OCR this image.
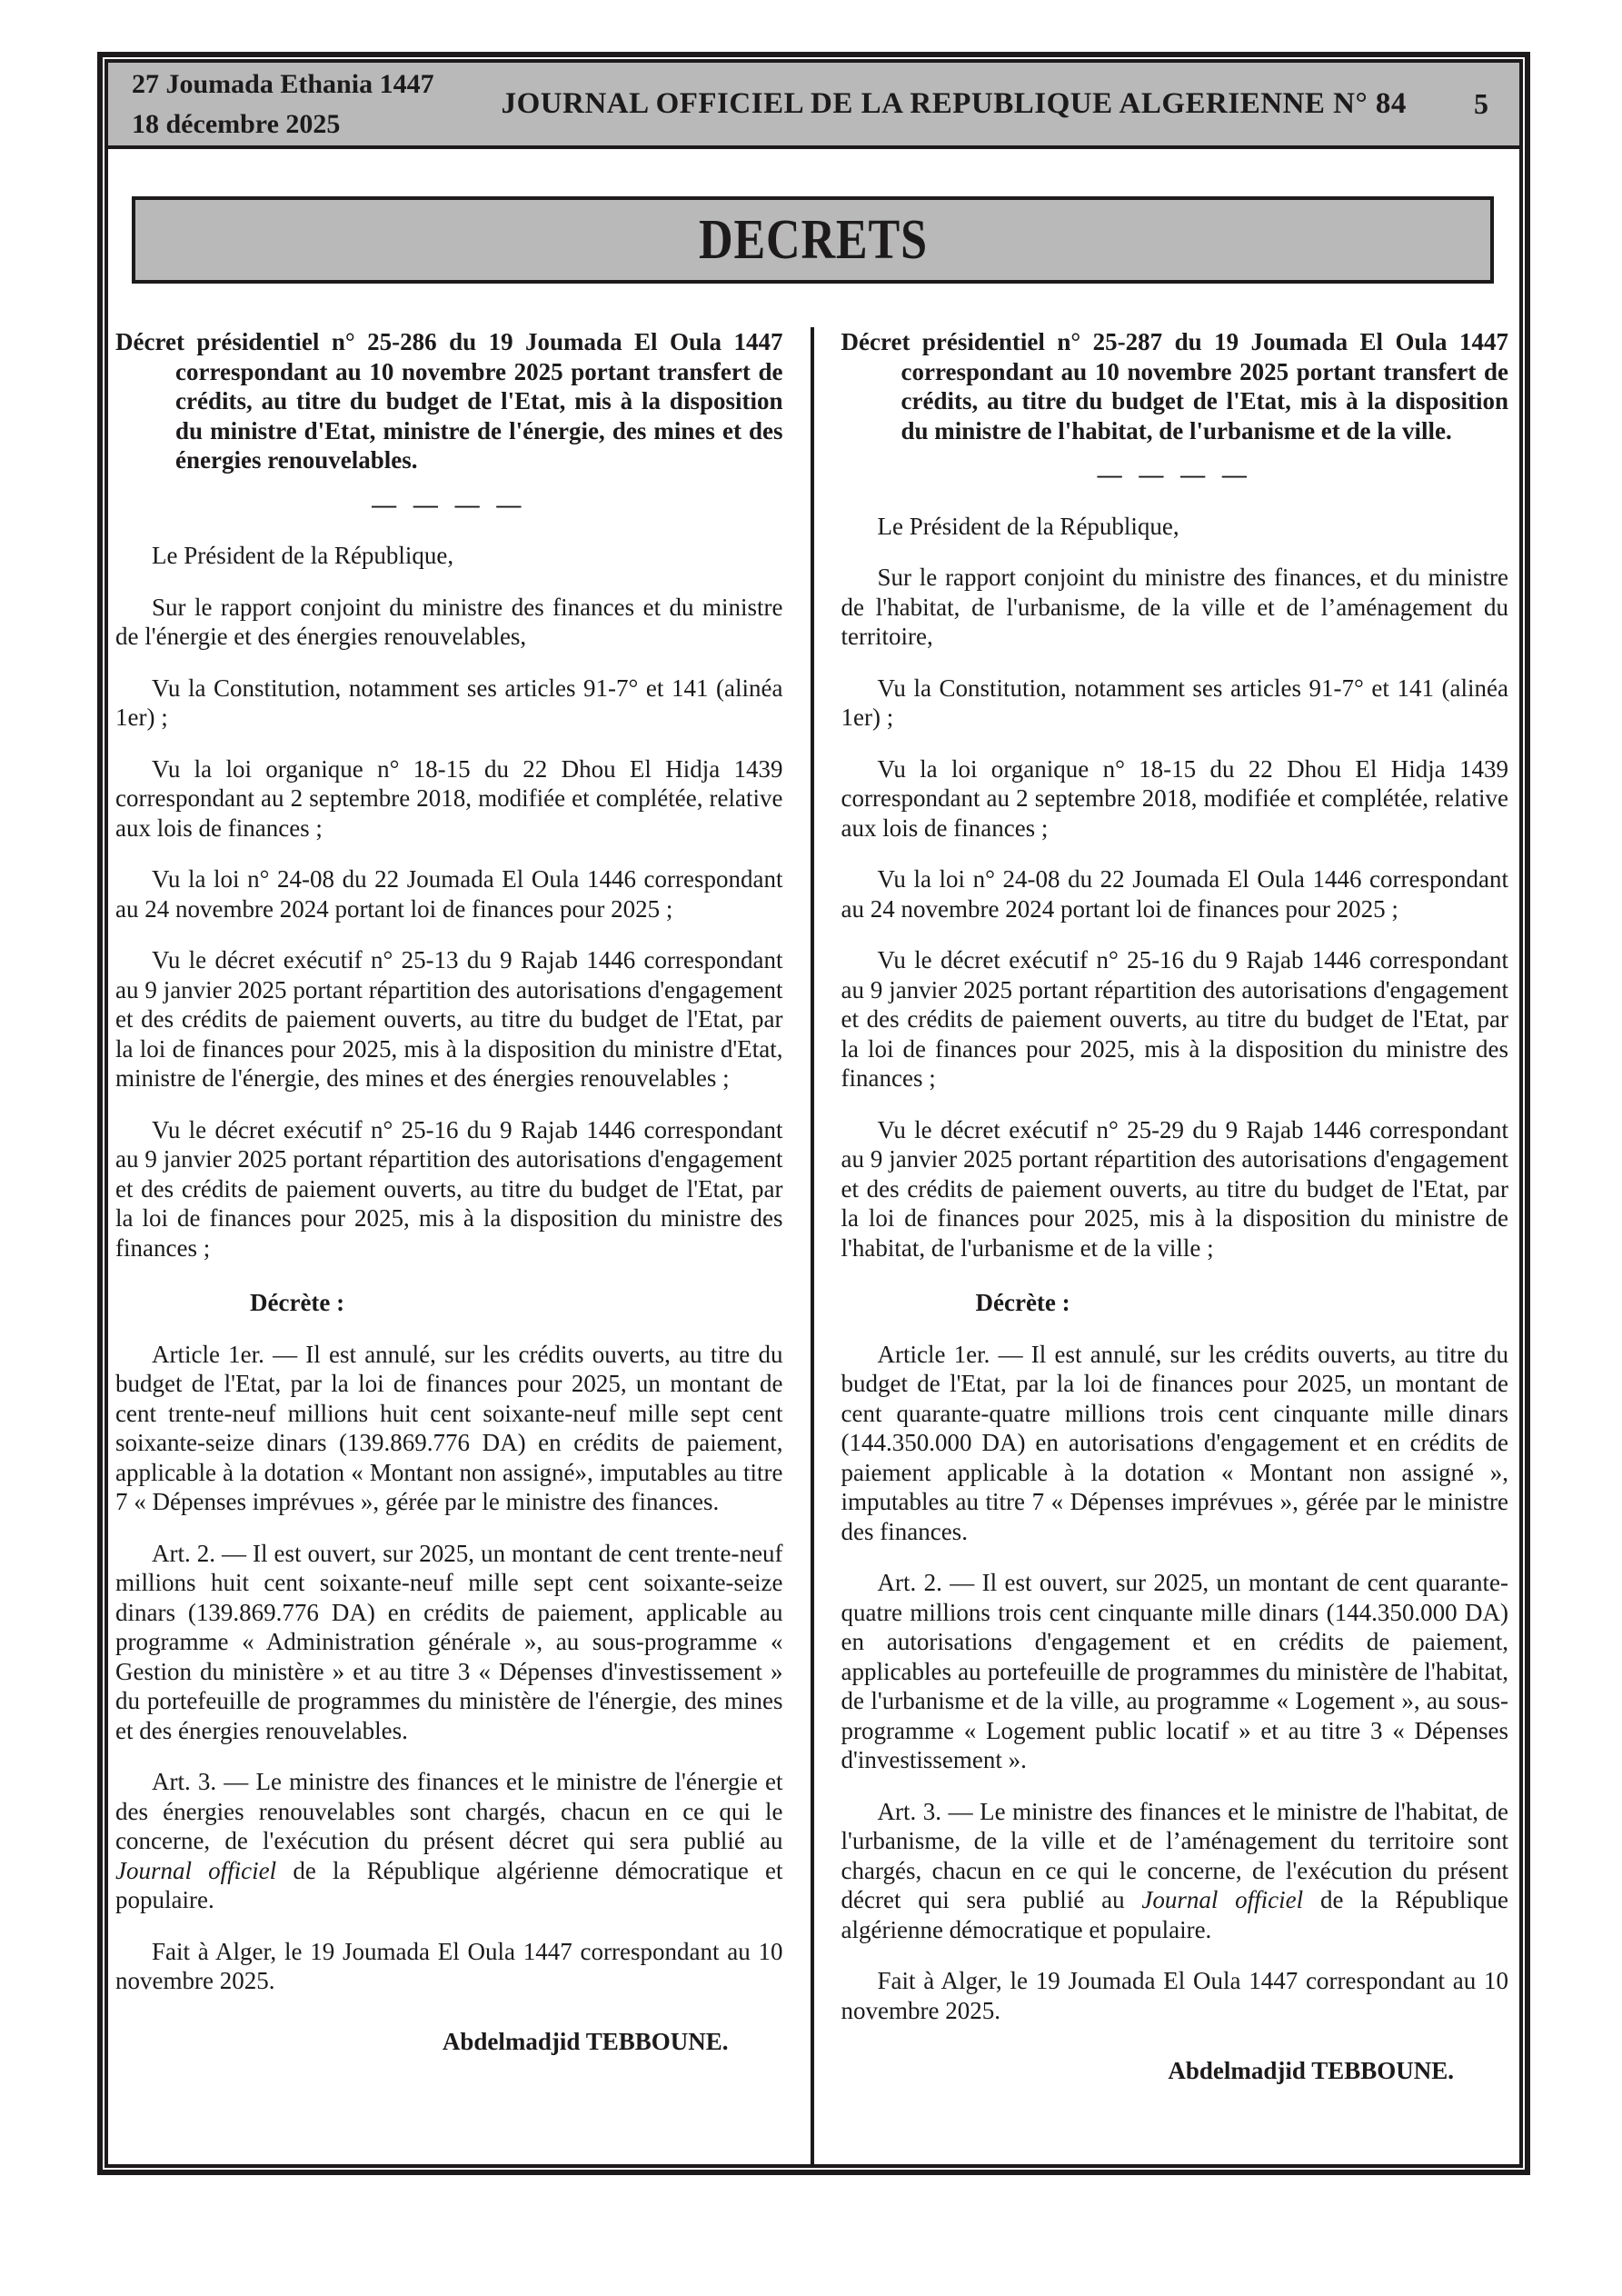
27 Joumada Ethania 1447
18 décembre 2025
JOURNAL OFFICIEL DE LA REPUBLIQUE ALGERIENNE N° 84	5
DECRETS

Décret présidentiel n° 25-286 du 19 Joumada El Oula 1447 correspondant au 10 novembre 2025 portant transfert de crédits, au titre du budget de l'Etat, mis à la disposition du ministre d'Etat, ministre de l'énergie, des mines et des énergies renouvelables.

— — — —

Le Président de la République,

Sur le rapport conjoint du ministre des finances et du ministre de l'énergie et des énergies renouvelables,

Vu la Constitution, notamment ses articles 91-7° et 141 (alinéa 1er) ;

Vu la loi organique n° 18-15 du 22 Dhou El Hidja 1439 correspondant au 2 septembre 2018, modifiée et complétée, relative aux lois de finances ;

Vu la loi n° 24-08 du 22 Joumada El Oula 1446 correspondant au 24 novembre 2024 portant loi de finances pour 2025 ;

Vu le décret exécutif n° 25-13 du 9 Rajab 1446 correspondant au 9 janvier 2025 portant répartition des autorisations d'engagement et des crédits de paiement ouverts, au titre du budget de l'Etat, par la loi de finances pour 2025, mis à la disposition du ministre d'Etat, ministre de l'énergie, des mines et des énergies renouvelables ;

Vu le décret exécutif n° 25-16 du 9 Rajab 1446 correspondant au 9 janvier 2025 portant répartition des autorisations d'engagement et des crédits de paiement ouverts, au titre du budget de l'Etat, par la loi de finances pour 2025, mis à la disposition du ministre des finances ;

Décrète :

Article 1er. — Il est annulé, sur les crédits ouverts, au titre du budget de l'Etat, par la loi de finances pour 2025, un montant de cent trente-neuf millions huit cent soixante-neuf mille sept cent soixante-seize dinars (139.869.776 DA) en crédits de paiement, applicable à la dotation « Montant non assigné», imputables au titre 7 « Dépenses imprévues », gérée par le ministre des finances.

Art. 2. — Il est ouvert, sur 2025, un montant de cent trente-neuf millions huit cent soixante-neuf mille sept cent soixante-seize dinars (139.869.776 DA) en crédits de paiement, applicable au programme « Administration générale », au sous-programme « Gestion du ministère » et au titre 3 « Dépenses d'investissement » du portefeuille de programmes du ministère de l'énergie, des mines et des énergies renouvelables.

Art. 3. — Le ministre des finances et le ministre de l'énergie et des énergies renouvelables sont chargés, chacun en ce qui le concerne, de l'exécution du présent décret qui sera publié au Journal officiel de la République algérienne démocratique et populaire.

Fait à Alger, le 19 Joumada El Oula 1447 correspondant au 10 novembre 2025.

Abdelmadjid TEBBOUNE.

Décret présidentiel n° 25-287 du 19 Joumada El Oula 1447 correspondant au 10 novembre 2025 portant transfert de crédits, au titre du budget de l'Etat, mis à la disposition du ministre de l'habitat, de l'urbanisme et de la ville.

— — — —

Le Président de la République,

Sur le rapport conjoint du ministre des finances, et du ministre de l'habitat, de l'urbanisme, de la ville et de l’aménagement du territoire,

Vu la Constitution, notamment ses articles 91-7° et 141 (alinéa 1er) ;

Vu la loi organique n° 18-15 du 22 Dhou El Hidja 1439 correspondant au 2 septembre 2018, modifiée et complétée, relative aux lois de finances ;

Vu la loi n° 24-08 du 22 Joumada El Oula 1446 correspondant au 24 novembre 2024 portant loi de finances pour 2025 ;

Vu le décret exécutif n° 25-16 du 9 Rajab 1446 correspondant au 9 janvier 2025 portant répartition des autorisations d'engagement et des crédits de paiement ouverts, au titre du budget de l'Etat, par la loi de finances pour 2025, mis à la disposition du ministre des finances ;

Vu le décret exécutif n° 25-29 du 9 Rajab 1446 correspondant au 9 janvier 2025 portant répartition des autorisations d'engagement et des crédits de paiement ouverts, au titre du budget de l'Etat, par la loi de finances pour 2025, mis à la disposition du ministre de l'habitat, de l'urbanisme et de la ville ;

Décrète :

Article 1er. — Il est annulé, sur les crédits ouverts, au titre du budget de l'Etat, par la loi de finances pour 2025, un montant de cent quarante-quatre millions trois cent cinquante mille dinars (144.350.000 DA) en autorisations d'engagement et en crédits de paiement applicable à la dotation « Montant non assigné », imputables au titre 7 « Dépenses imprévues », gérée par le ministre des finances.

Art. 2. — Il est ouvert, sur 2025, un montant de cent quarante-quatre millions trois cent cinquante mille dinars (144.350.000 DA) en autorisations d'engagement et en crédits de paiement, applicables au portefeuille de programmes du ministère de l'habitat, de l'urbanisme et de la ville, au programme « Logement », au sous-programme « Logement public locatif » et au titre 3 « Dépenses d'investissement ».

Art. 3. — Le ministre des finances et le ministre de l'habitat, de l'urbanisme, de la ville et de l’aménagement du territoire sont chargés, chacun en ce qui le concerne, de l'exécution du présent décret qui sera publié au Journal officiel de la République algérienne démocratique et populaire.

Fait à Alger, le 19 Joumada El Oula 1447 correspondant au 10 novembre 2025.

Abdelmadjid TEBBOUNE.
